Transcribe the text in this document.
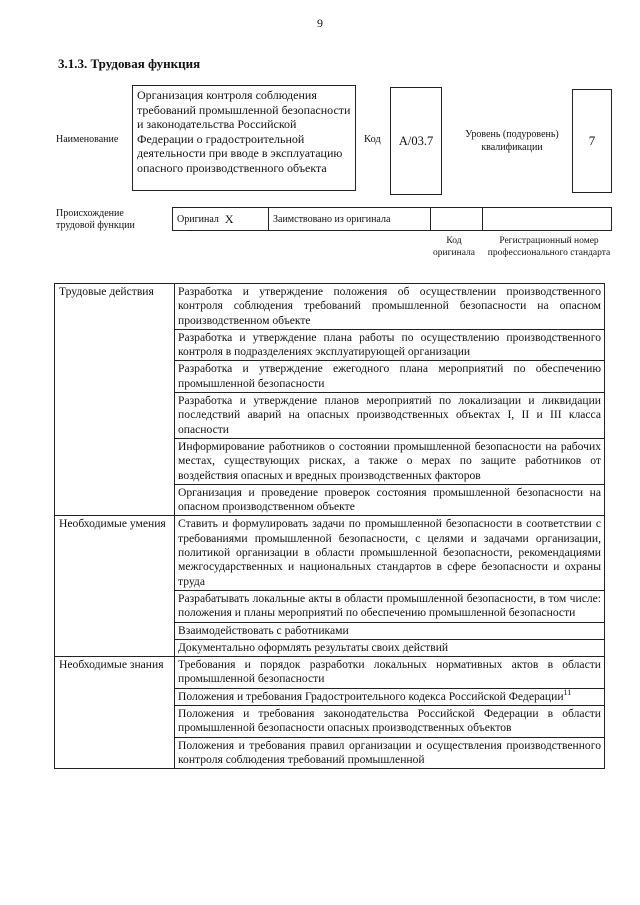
9
3.1.3. Трудовая функция
Наименование
Организация контроля соблюдения требований промышленной безопасности и законодательства Российской Федерации о градостроительной деятельности при вводе в эксплуатацию опасного производственного объекта
Код	A/03.7	Уровень (подуровень) квалификации	7
Происхождение трудовой функции
Оригинал X	Заимствовано из оригинала
Код оригинала
Регистрационный номер профессионального стандарта
Трудовые действия	Разработка и утверждение положения об осуществлении производственного контроля соблюдения требований промышленной безопасности на опасном производственном объекте
	Разработка и утверждение плана работы по осуществлению производственного контроля в подразделениях эксплуатирующей организации
	Разработка и утверждение ежегодного плана мероприятий по обеспечению промышленной безопасности
	Разработка и утверждение планов мероприятий по локализации и ликвидации последствий аварий на опасных производственных объектах I, II и III класса опасности
	Информирование работников о состоянии промышленной безопасности на рабочих местах, существующих рисках, а также о мерах по защите работников от воздействия опасных и вредных производственных факторов
	Организация и проведение проверок состояния промышленной безопасности на опасном производственном объекте
Необходимые умения	Ставить и формулировать задачи по промышленной безопасности в соответствии с требованиями промышленной безопасности, с целями и задачами организации, политикой организации в области промышленной безопасности, рекомендациями межгосударственных и национальных стандартов в сфере безопасности и охраны труда
	Разрабатывать локальные акты в области промышленной безопасности, в том числе: положения и планы мероприятий по обеспечению промышленной безопасности
	Взаимодействовать с работниками
	Документально оформлять результаты своих действий
Необходимые знания	Требования и порядок разработки локальных нормативных актов в области промышленной безопасности
	Положения и требования Градостроительного кодекса Российской Федерации$^{11}$
	Положения и требования законодательства Российской Федерации в области промышленной безопасности опасных производственных объектов
	Положения и требования правил организации и осуществления производственного контроля соблюдения требований промышленной
